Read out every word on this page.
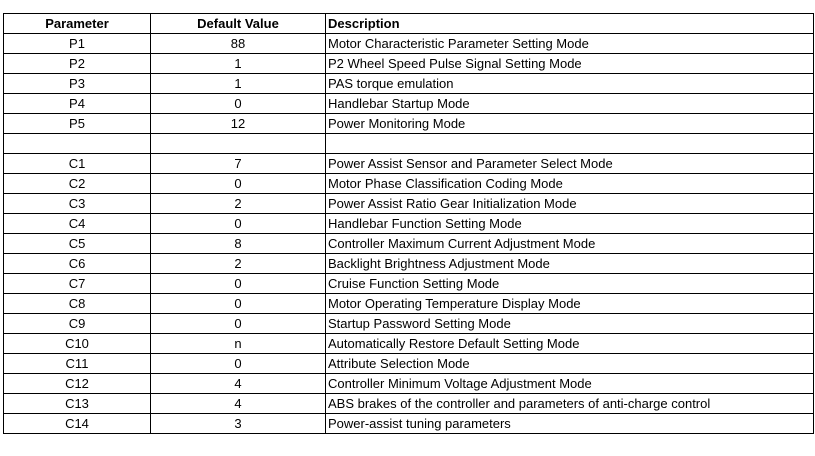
Parameter	Default Value	Description
P1	88	Motor Characteristic Parameter Setting Mode
P2	1	P2 Wheel Speed Pulse Signal Setting Mode
P3	1	PAS torque emulation
P4	0	Handlebar Startup Mode
P5	12	Power Monitoring Mode

C1	7	Power Assist Sensor and Parameter Select Mode
C2	0	Motor Phase Classification Coding Mode
C3	2	Power Assist Ratio Gear Initialization Mode
C4	0	Handlebar Function Setting Mode
C5	8	Controller Maximum Current Adjustment Mode
C6	2	Backlight Brightness Adjustment Mode
C7	0	Cruise Function Setting Mode
C8	0	Motor Operating Temperature Display Mode
C9	0	Startup Password Setting Mode
C10	n	Automatically Restore Default Setting Mode
C11	0	Attribute Selection Mode
C12	4	Controller Minimum Voltage Adjustment Mode
C13	4	ABS brakes of the controller and parameters of anti-charge control
C14	3	Power-assist tuning parameters
